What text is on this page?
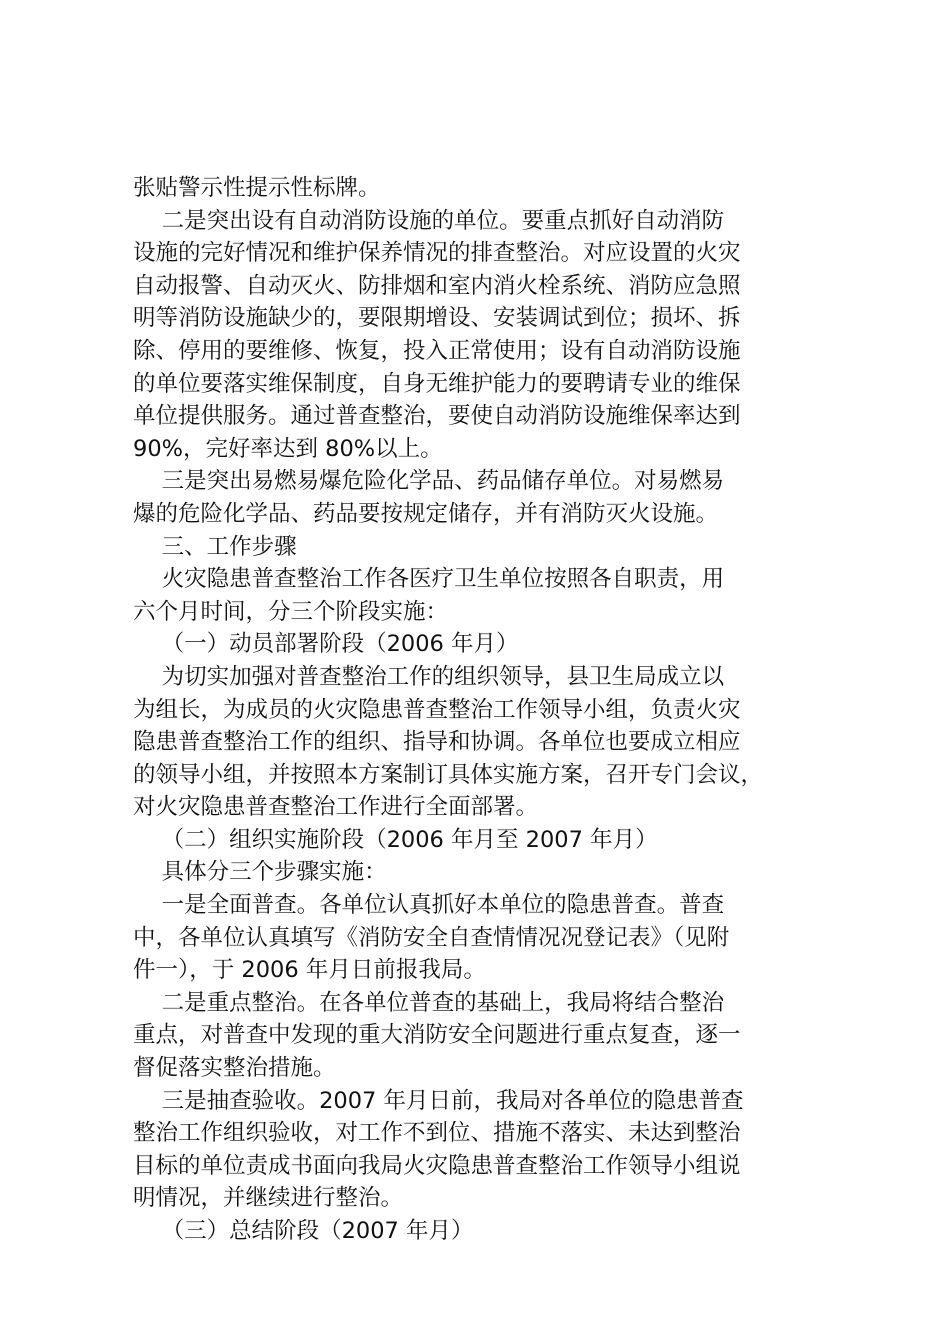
张贴警示性提示性标牌。
二是突出设有自动消防设施的单位。要重点抓好自动消防
设施的完好情况和维护保养情况的排查整治。对应设置的火灾
自动报警、自动灭火、防排烟和室内消火栓系统、消防应急照
明等消防设施缺少的，要限期增设、安装调试到位；损坏、拆
除、停用的要维修、恢复，投入正常使用；设有自动消防设施
的单位要落实维保制度，自身无维护能力的要聘请专业的维保
单位提供服务。通过普查整治，要使自动消防设施维保率达到
90%，完好率达到 80%以上。
三是突出易燃易爆危险化学品、药品储存单位。对易燃易
爆的危险化学品、药品要按规定储存，并有消防灭火设施。
三、工作步骤
火灾隐患普查整治工作各医疗卫生单位按照各自职责，用
六个月时间，分三个阶段实施：
（一）动员部署阶段（2006 年月）
为切实加强对普查整治工作的组织领导，县卫生局成立以
为组长，为成员的火灾隐患普查整治工作领导小组，负责火灾
隐患普查整治工作的组织、指导和协调。各单位也要成立相应
的领导小组，并按照本方案制订具体实施方案，召开专门会议，
对火灾隐患普查整治工作进行全面部署。
（二）组织实施阶段（2006 年月至 2007 年月）
具体分三个步骤实施：
一是全面普查。各单位认真抓好本单位的隐患普查。普查
中，各单位认真填写《消防安全自查情情况况登记表》（见附
件一），于 2006 年月日前报我局。
二是重点整治。在各单位普查的基础上，我局将结合整治
重点，对普查中发现的重大消防安全问题进行重点复查，逐一
督促落实整治措施。
三是抽查验收。2007 年月日前，我局对各单位的隐患普查
整治工作组织验收，对工作不到位、措施不落实、未达到整治
目标的单位责成书面向我局火灾隐患普查整治工作领导小组说
明情况，并继续进行整治。
（三）总结阶段（2007 年月）
